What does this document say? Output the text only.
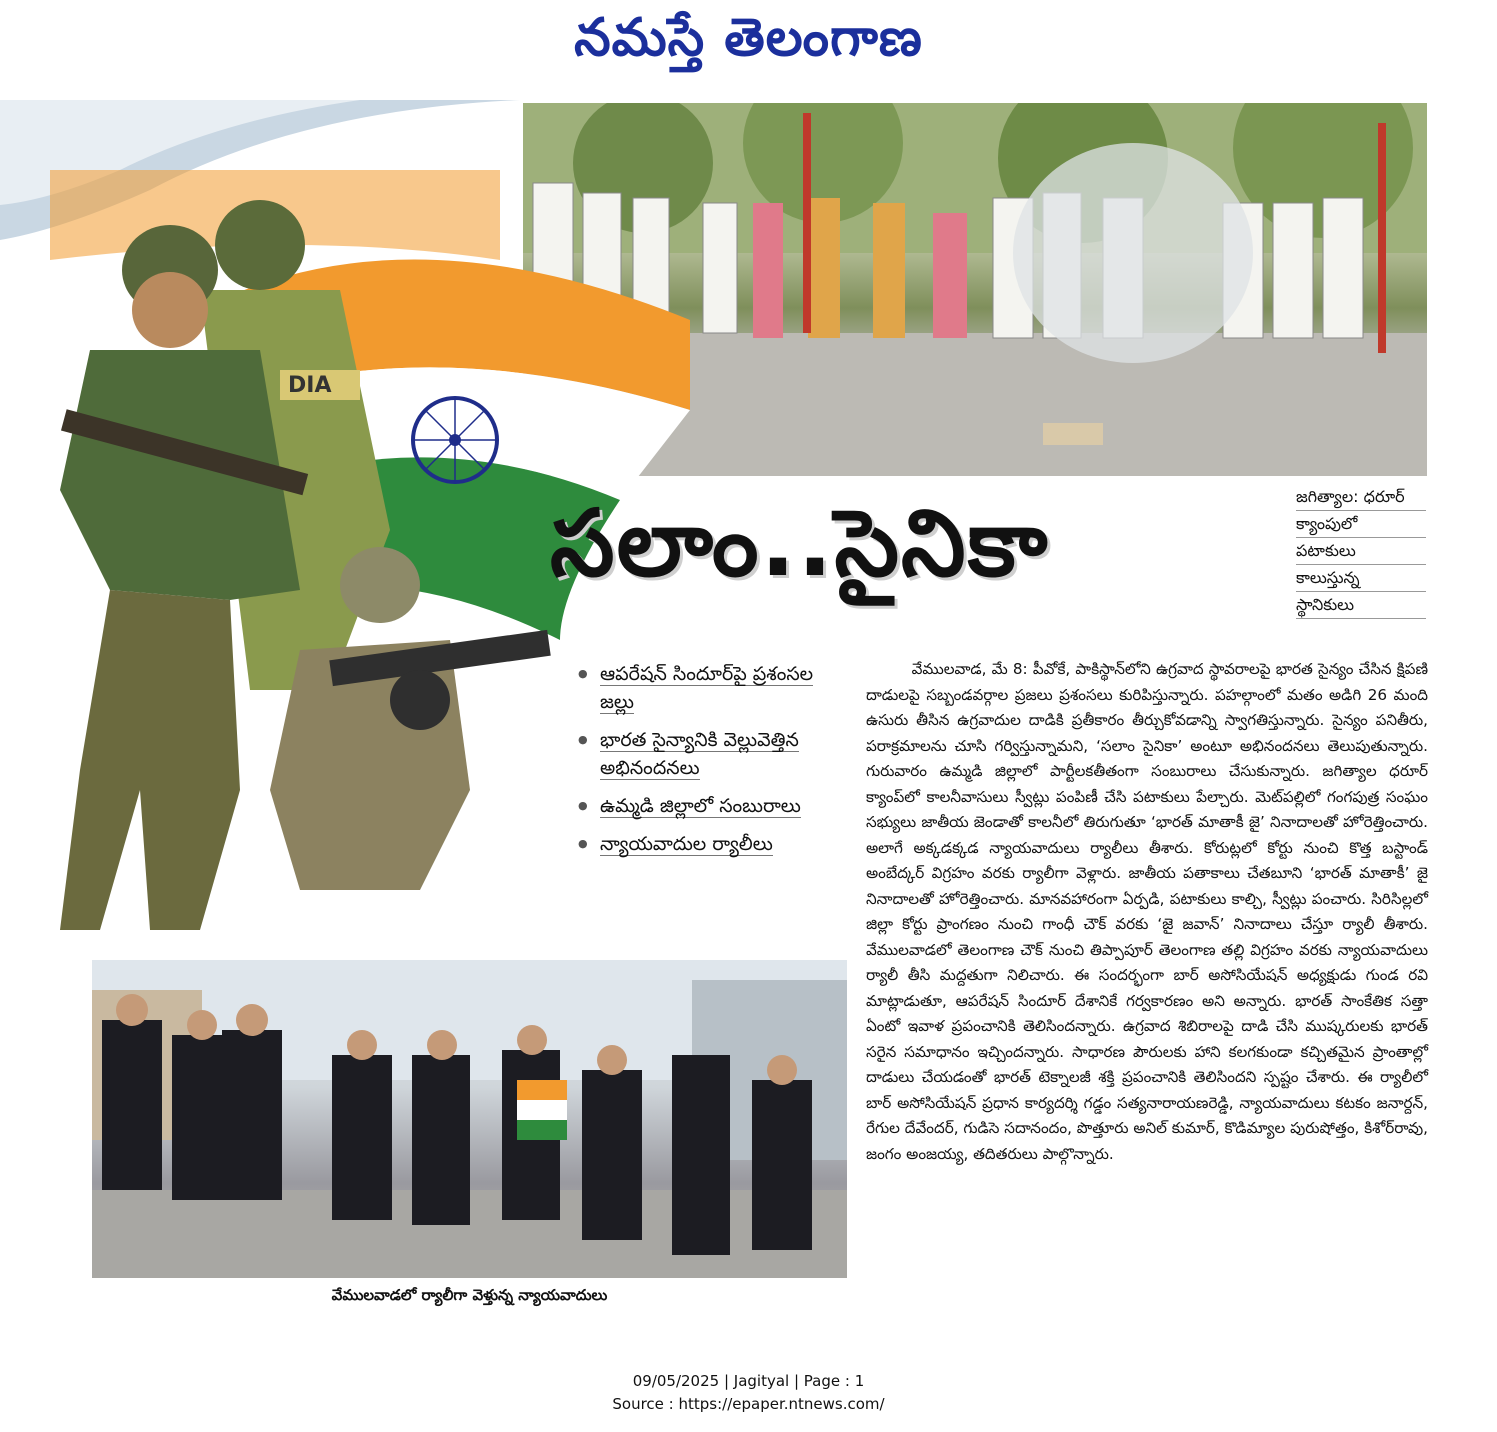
నమస్తే తెలంగాణ
DIA
సలాం..సైనికా	జగిత్యాల: ధరూర్
క్యాంపులో
పటాకులు
కాలుస్తున్న
స్థానికులు
● ఆపరేషన్ సిందూర్‌పై ప్రశంసల జల్లు
● భారత సైన్యానికి వెల్లువెత్తిన అభినందనలు
● ఉమ్మడి జిల్లాలో సంబురాలు
● న్యాయవాదుల ర్యాలీలు

వేములవాడ, మే 8: పీవోకే, పాకిస్థాన్‌లోని ఉగ్రవాద స్థావరాలపై భారత సైన్యం చేసిన క్షిపణి దాడులపై సబ్బండవర్గాల ప్రజలు ప్రశంసలు కురిపిస్తున్నారు. పహల్గాంలో మతం అడిగి 26 మంది ఉసురు తీసిన ఉగ్రవాదుల దాడికి ప్రతీకారం తీర్చుకోవడాన్ని స్వాగతిస్తున్నారు. సైన్యం పనితీరు, పరాక్రమాలను చూసి గర్విస్తున్నామని, ‘సలాం సైనికా’ అంటూ అభినందనలు తెలుపుతున్నారు. గురువారం ఉమ్మడి జిల్లాలో పార్టీలకతీతంగా సంబురాలు చేసుకున్నారు. జగిత్యాల ధరూర్ క్యాంప్‌లో కాలనీవాసులు స్వీట్లు పంపిణీ చేసి పటాకులు పేల్చారు. మెట్‌పల్లిలో గంగపుత్ర సంఘం సభ్యులు జాతీయ జెండాతో కాలనీలో తిరుగుతూ ‘భారత్ మాతాకీ జై’ నినాదాలతో హోరెత్తించారు. అలాగే అక్కడక్కడ న్యాయవాదులు ర్యాలీలు తీశారు. కోరుట్లలో కోర్టు నుంచి కొత్త బస్టాండ్ అంబేద్కర్ విగ్రహం వరకు ర్యాలీగా వెళ్లారు. జాతీయ పతాకాలు చేతబూని ‘భారత్ మాతాకీ’ జై నినాదాలతో హోరెత్తించారు. మానవహారంగా ఏర్పడి, పటాకులు కాల్చి, స్వీట్లు పంచారు. సిరిసిల్లలో జిల్లా కోర్టు ప్రాంగణం నుంచి గాంధీ చౌక్ వరకు ‘జై జవాన్’ నినాదాలు చేస్తూ ర్యాలీ తీశారు. వేములవాడలో తెలంగాణ చౌక్ నుంచి తిప్పాపూర్ తెలంగాణ తల్లి విగ్రహం వరకు న్యాయవాదులు ర్యాలీ తీసి మద్దతుగా నిలిచారు. ఈ సందర్భంగా బార్ అసోసియేషన్ అధ్యక్షుడు గుండ రవి మాట్లాడుతూ, ఆపరేషన్ సిందూర్ దేశానికే గర్వకారణం అని అన్నారు. భారత్ సాంకేతిక సత్తా ఏంటో ఇవాళ ప్రపంచానికి తెలిసిందన్నారు. ఉగ్రవాద శిబిరాలపై దాడి చేసి ముష్కరులకు భారత్ సరైన సమాధానం ఇచ్చిందన్నారు. సాధారణ పౌరులకు హాని కలగకుండా కచ్చితమైన ప్రాంతాల్లో దాడులు చేయడంతో భారత్ టెక్నాలజీ శక్తి ప్రపంచానికి తెలిసిందని స్పష్టం చేశారు. ఈ ర్యాలీలో బార్ అసోసియేషన్ ప్రధాన కార్యదర్శి గడ్డం సత్యనారాయణరెడ్డి, న్యాయవాదులు కటకం జనార్దన్, రేగుల దేవేందర్, గుడిసె సదానందం, పొత్తూరు అనిల్ కుమార్, కొడిమ్యాల పురుషోత్తం, కిశోర్‌రావు, జంగం అంజయ్య, తదితరులు పాల్గొన్నారు.

వేములవాడలో ర్యాలీగా వెళ్తున్న న్యాయవాదులు
09/05/2025 | Jagityal | Page : 1
Source : https://epaper.ntnews.com/
